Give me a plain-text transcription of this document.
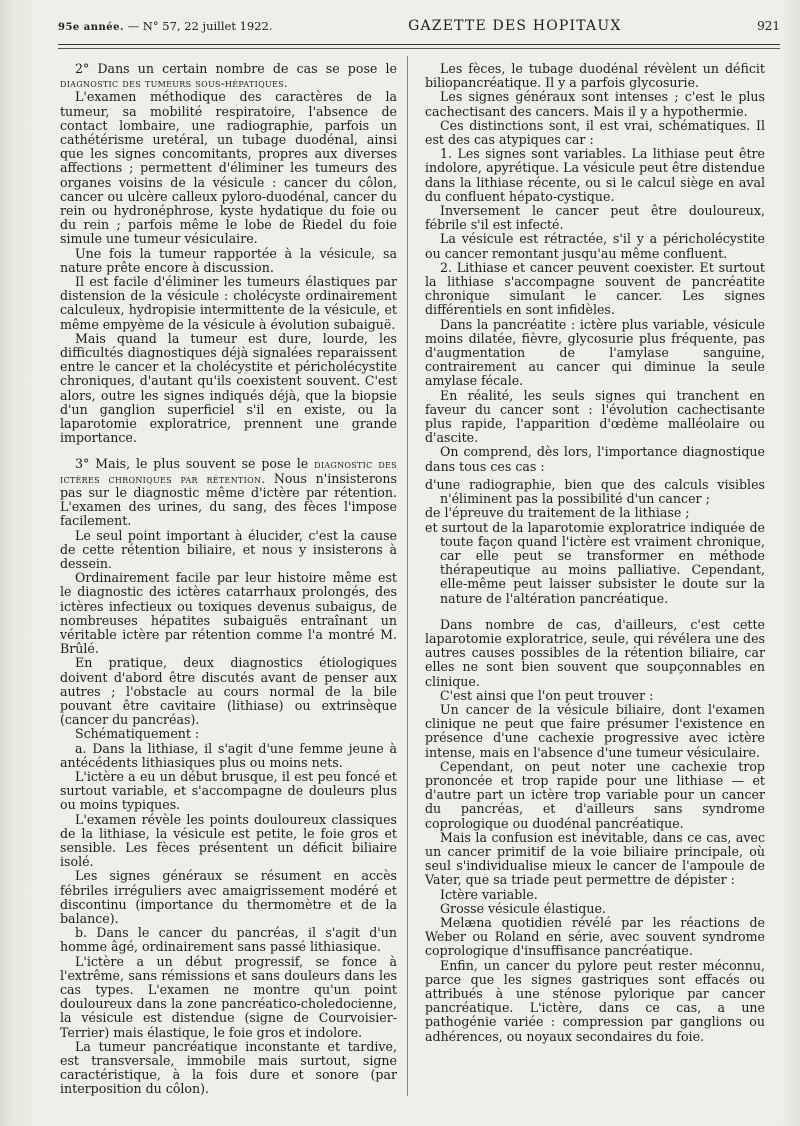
95e année. — N° 57, 22 juillet 1922.	GAZETTE DES HOPITAUX	921

2° Dans un certain nombre de cas se pose le diagnostic des tumeurs sous-hépatiques.

L'examen méthodique des caractères de la tumeur, sa mobilité respiratoire, l'absence de contact lombaire, une radiographie, parfois un cathétérisme uretéral, un tubage duodénal, ainsi que les signes concomitants, propres aux diverses affections ; permettent d'éliminer les tumeurs des organes voisins de la vésicule : cancer du côlon, cancer ou ulcère calleux pyloro-duodénal, cancer du rein ou hydronéphrose, kyste hydatique du foie ou du rein ; parfois même le lobe de Riedel du foie simule une tumeur vésiculaire.

Une fois la tumeur rapportée à la vésicule, sa nature prête encore à discussion.

Il est facile d'éliminer les tumeurs élastiques par distension de la vésicule : cholécyste ordinairement calculeux, hydropisie intermittente de la vésicule, et même empyème de la vésicule à évolution subaiguë.

Mais quand la tumeur est dure, lourde, les difficultés diagnostiques déjà signalées reparaissent entre le cancer et la cholécystite et péricholécystite chroniques, d'autant qu'ils coexistent souvent. C'est alors, outre les signes indiqués déjà, que la biopsie d'un ganglion superficiel s'il en existe, ou la laparotomie exploratrice, prennent une grande importance.

3° Mais, le plus souvent se pose le diagnostic des ictères chroniques par rétention. Nous n'insisterons pas sur le diagnostic même d'ictère par rétention. L'examen des urines, du sang, des fèces l'impose facilement.

Le seul point important à élucider, c'est la cause de cette rétention biliaire, et nous y insisterons à dessein.

Ordinairement facile par leur histoire même est le diagnostic des ictères catarrhaux prolongés, des ictères infectieux ou toxiques devenus subaigus, de nombreuses hépatites subaiguës entraînant un véritable ictère par rétention comme l'a montré M. Brûlé.

En pratique, deux diagnostics étiologiques doivent d'abord être discutés avant de penser aux autres ; l'obstacle au cours normal de la bile pouvant être cavitaire (lithiase) ou extrinsèque (cancer du pancréas).

Schématiquement :

a. Dans la lithiase, il s'agit d'une femme jeune à antécédents lithiasiques plus ou moins nets.

L'ictère a eu un début brusque, il est peu foncé et surtout variable, et s'accompagne de douleurs plus ou moins typiques.

L'examen révèle les points douloureux classiques de la lithiase, la vésicule est petite, le foie gros et sensible. Les fèces présentent un déficit biliaire isolé.

Les signes généraux se résument en accès fébriles irréguliers avec amaigrissement modéré et discontinu (importance du thermomètre et de la balance).

b. Dans le cancer du pancréas, il s'agit d'un homme âgé, ordinairement sans passé lithiasique.

L'ictère a un début progressif, se fonce à l'extrême, sans rémissions et sans douleurs dans les cas types. L'examen ne montre qu'un point douloureux dans la zone pancréatico-choledocienne, la vésicule est distendue (signe de Courvoisier-Terrier) mais élastique, le foie gros et indolore.

La tumeur pancréatique inconstante et tardive, est transversale, immobile mais surtout, signe caractéristique, à la fois dure et sonore (par interposition du côlon).

Les fèces, le tubage duodénal révèlent un déficit biliopancréatique. Il y a parfois glycosurie.

Les signes généraux sont intenses ; c'est le plus cachectisant des cancers. Mais il y a hypothermie.

Ces distinctions sont, il est vrai, schématiques. Il est des cas atypiques car :

1. Les signes sont variables. La lithiase peut être indolore, apyrétique. La vésicule peut être distendue dans la lithiase récente, ou si le calcul siège en aval du confluent hépato-cystique.

Inversement le cancer peut être douloureux, fébrile s'il est infecté.

La vésicule est rétractée, s'il y a péricholécystite ou cancer remontant jusqu'au même confluent.

2. Lithiase et cancer peuvent coexister. Et surtout la lithiase s'accompagne souvent de pancréatite chronique simulant le cancer. Les signes différentiels en sont infidèles.

Dans la pancréatite : ictère plus variable, vésicule moins dilatée, fièvre, glycosurie plus fréquente, pas d'augmentation de l'amylase sanguine, contrairement au cancer qui diminue la seule amylase fécale.

En réalité, les seuls signes qui tranchent en faveur du cancer sont : l'évolution cachectisante plus rapide, l'apparition d'œdème malléolaire ou d'ascite.

On comprend, dès lors, l'importance diagnostique dans tous ces cas :

d'une radiographie, bien que des calculs visibles n'éliminent pas la possibilité d'un cancer ;

de l'épreuve du traitement de la lithiase ;

et surtout de la laparotomie exploratrice indiquée de toute façon quand l'ictère est vraiment chronique, car elle peut se transformer en méthode thérapeutique au moins palliative. Cependant, elle-même peut laisser subsister le doute sur la nature de l'altération pancréatique.

Dans nombre de cas, d'ailleurs, c'est cette laparotomie exploratrice, seule, qui révélera une des autres causes possibles de la rétention biliaire, car elles ne sont bien souvent que soupçonnables en clinique.

C'est ainsi que l'on peut trouver :

Un cancer de la vésicule biliaire, dont l'examen clinique ne peut que faire présumer l'existence en présence d'une cachexie progressive avec ictère intense, mais en l'absence d'une tumeur vésiculaire.

Cependant, on peut noter une cachexie trop prononcée et trop rapide pour une lithiase — et d'autre part un ictère trop variable pour un cancer du pancréas, et d'ailleurs sans syndrome coprologique ou duodénal pancréatique.

Mais la confusion est inévitable, dans ce cas, avec un cancer primitif de la voie biliaire principale, où seul s'individualise mieux le cancer de l'ampoule de Vater, que sa triade peut permettre de dépister :

Ictère variable.

Grosse vésicule élastique.

Melæna quotidien révélé par les réactions de Weber ou Roland en série, avec souvent syndrome coprologique d'insuffisance pancréatique.

Enfin, un cancer du pylore peut rester méconnu, parce que les signes gastriques sont effacés ou attribués à une sténose pylorique par cancer pancréatique. L'ictère, dans ce cas, a une pathogénie variée : compression par ganglions ou adhérences, ou noyaux secondaires du foie.
